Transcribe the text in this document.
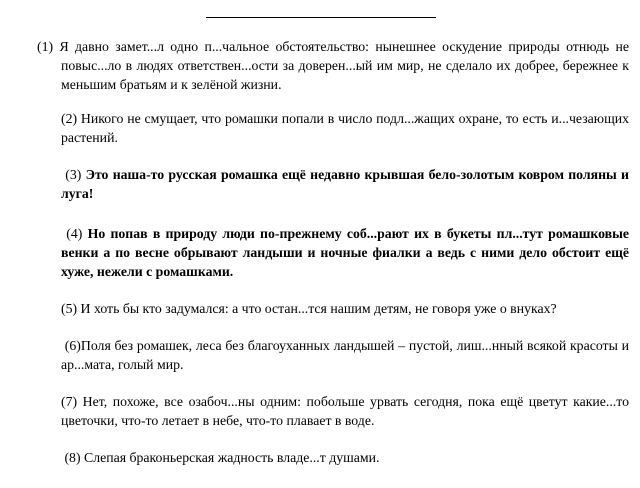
(1) Я давно замет...л одно п...чальное обстоятельство: нынешнее оскудение природы отнюдь не повыс...ло в людях ответствен...ости за доверен...ый им мир, не сделало их добрее, бережнее к меньшим братьям и к зелёной жизни.

(2) Никого не смущает, что ромашки попали в число подл...жащих охране, то есть и...чезающих растений.

(3) Это наша-то русская ромашка ещё недавно крывшая бело-золотым ковром поляны и луга!

(4) Но попав в природу люди по-прежнему соб...рают их в букеты пл...тут ромашковые венки а по весне обрывают ландыши и ночные фиалки а ведь с ними дело обстоит ещё хуже, нежели с ромашками.

(5) И хоть бы кто задумался: а что остан...тся нашим детям, не говоря уже о внуках?

(6)Поля без ромашек, леса без благоуханных ландышей – пустой, лиш...нный всякой красоты и ар...мата, голый мир.

(7) Нет, похоже, все озабоч...ны одним: побольше урвать сегодня, пока ещё цветут какие...то цветочки, что-то летает в небе, что-то плавает в воде.

(8) Слепая браконьерская жадность владе...т душами.
